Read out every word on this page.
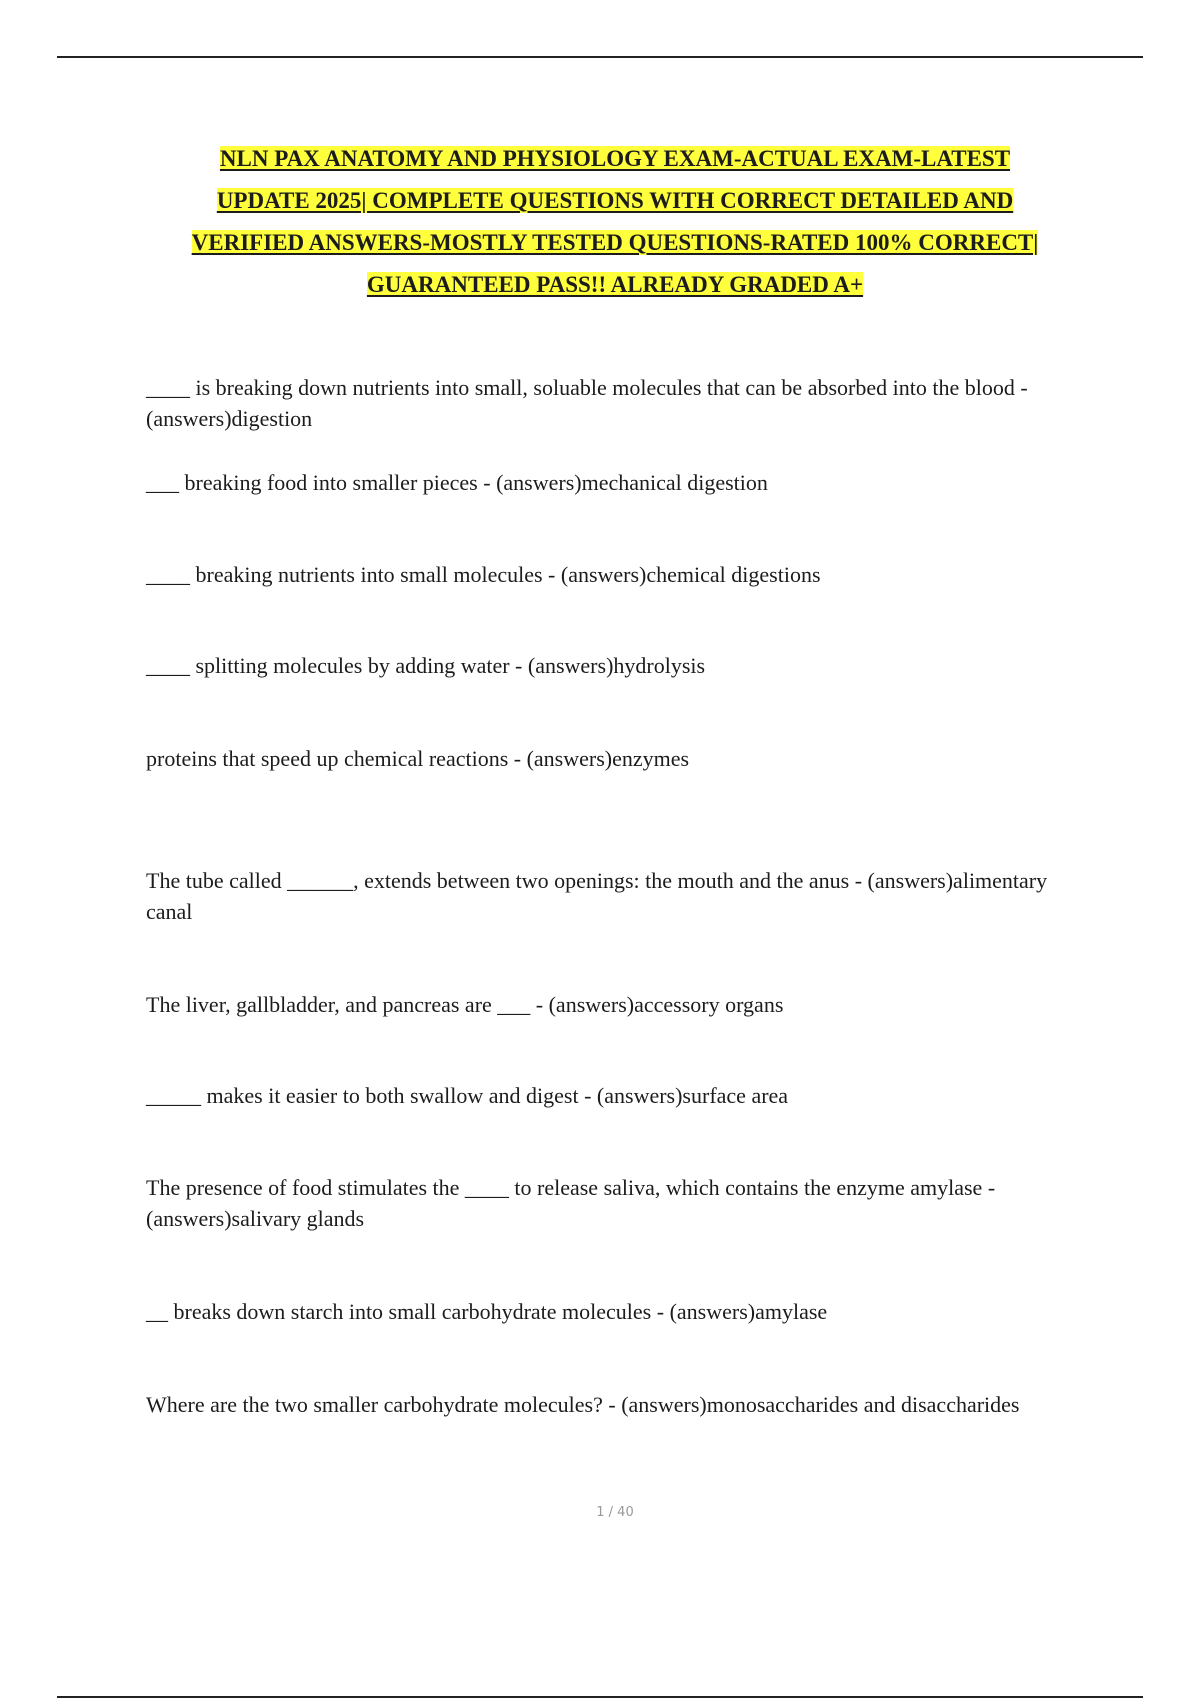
NLN PAX ANATOMY AND PHYSIOLOGY EXAM-ACTUAL EXAM-LATEST
UPDATE 2025| COMPLETE QUESTIONS WITH CORRECT DETAILED AND
VERIFIED ANSWERS-MOSTLY TESTED QUESTIONS-RATED 100% CORRECT|
GUARANTEED PASS!! ALREADY GRADED A+

____ is breaking down nutrients into small, soluable molecules that can be absorbed into the blood - (answers)digestion

___ breaking food into smaller pieces - (answers)mechanical digestion

____ breaking nutrients into small molecules - (answers)chemical digestions

____ splitting molecules by adding water - (answers)hydrolysis

proteins that speed up chemical reactions - (answers)enzymes

The tube called ______, extends between two openings: the mouth and the anus - (answers)alimentary canal

The liver, gallbladder, and pancreas are ___ - (answers)accessory organs

_____ makes it easier to both swallow and digest - (answers)surface area

The presence of food stimulates the ____ to release saliva, which contains the enzyme amylase - (answers)salivary glands

__ breaks down starch into small carbohydrate molecules - (answers)amylase

Where are the two smaller carbohydrate molecules? - (answers)monosaccharides and disaccharides

1 / 40
